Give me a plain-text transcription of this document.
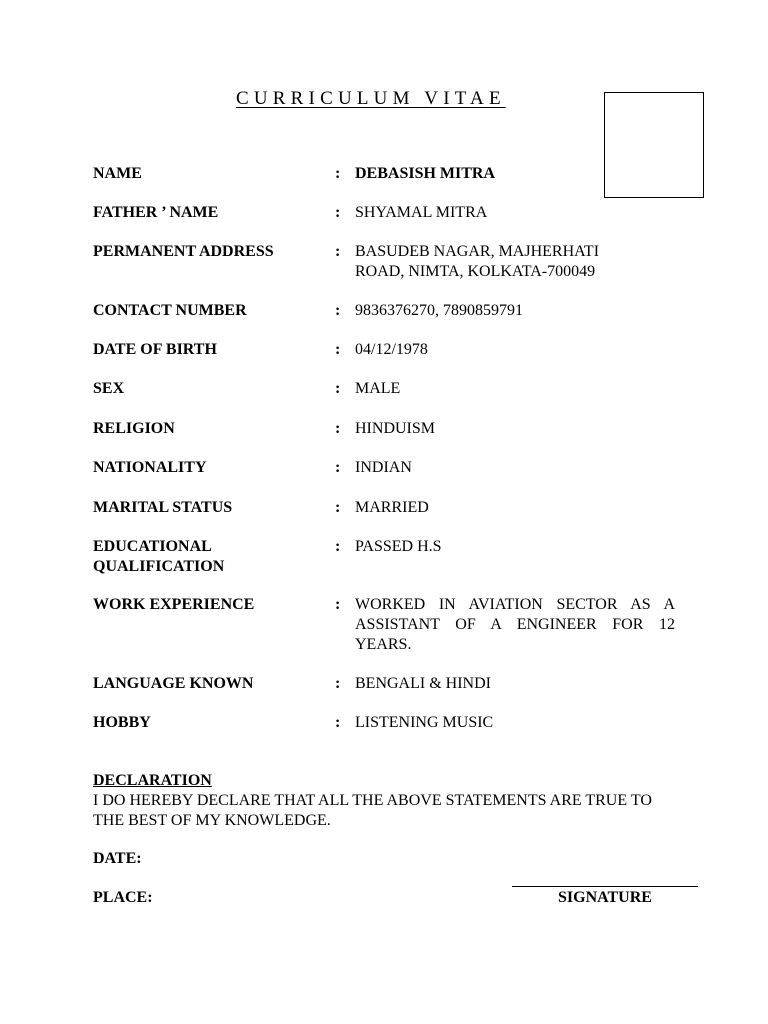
CURRICULUM VITAE
NAME	: DEBASISH MITRA
FATHER ’ NAME	: SHYAMAL MITRA
PERMANENT ADDRESS	: BASUDEB NAGAR, MAJHERHATI ROAD, NIMTA, KOLKATA-700049
CONTACT NUMBER	: 9836376270, 7890859791
DATE OF BIRTH	: 04/12/1978
SEX	: MALE
RELIGION	: HINDUISM
NATIONALITY	: INDIAN
MARITAL STATUS	: MARRIED
EDUCATIONAL QUALIFICATION
: PASSED H.S
WORK EXPERIENCE	: WORKED IN AVIATION SECTOR AS A ASSISTANT OF A ENGINEER FOR 12 YEARS.
LANGUAGE KNOWN	: BENGALI & HINDI
HOBBY	: LISTENING MUSIC
DECLARATION
I DO HEREBY DECLARE THAT ALL THE ABOVE STATEMENTS ARE TRUE TO THE BEST OF MY KNOWLEDGE.
DATE:
PLACE:	SIGNATURE
